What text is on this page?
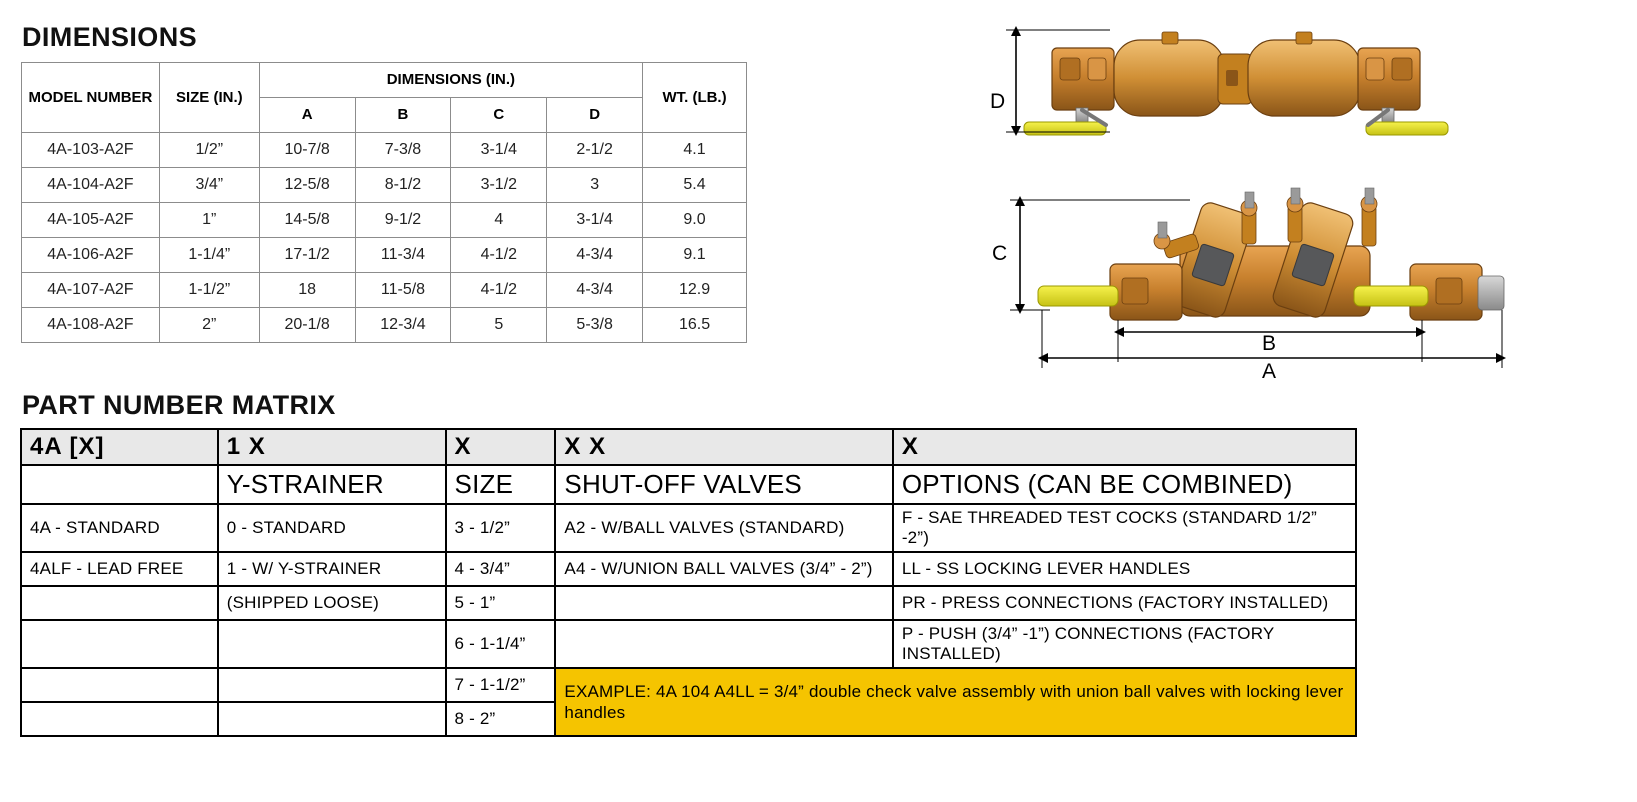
DIMENSIONS
MODEL NUMBER	SIZE (IN.)	DIMENSIONS (IN.)				WT. (LB.)
		A	B	C	D	
4A-103-A2F	1/2”	10-7/8	7-3/8	3-1/4	2-1/2	4.1
4A-104-A2F	3/4”	12-5/8	8-1/2	3-1/2	3	5.4
4A-105-A2F	1”	14-5/8	9-1/2	4	3-1/4	9.0
4A-106-A2F	1-1/4”	17-1/2	11-3/4	4-1/2	4-3/4	9.1
4A-107-A2F	1-1/2”	18	11-5/8	4-1/2	4-3/4	12.9
4A-108-A2F	2”	20-1/8	12-3/4	5	5-3/8	16.5
PART NUMBER MATRIX
4A [X]	1 X	X	X X	X
	Y-STRAINER	SIZE	SHUT-OFF VALVES	OPTIONS (CAN BE COMBINED)
4A - STANDARD	0 - STANDARD	3 - 1/2”	A2 - W/BALL VALVES (STANDARD)	F - SAE THREADED TEST COCKS (STANDARD 1/2” -2”)
4ALF - LEAD FREE	1 - W/ Y-STRAINER	4 - 3/4”	A4 - W/UNION BALL VALVES (3/4” - 2”)	LL - SS LOCKING LEVER HANDLES
	(SHIPPED LOOSE)	5 - 1”		PR - PRESS CONNECTIONS (FACTORY INSTALLED)
		6 - 1-1/4”		P - PUSH (3/4” -1”) CONNECTIONS (FACTORY INSTALLED)
		7 - 1-1/2”	EXAMPLE: 4A 104 A4LL = 3/4” double check valve assembly with union ball valves with locking lever handles	
		8 - 2”		
D
C
B
A
